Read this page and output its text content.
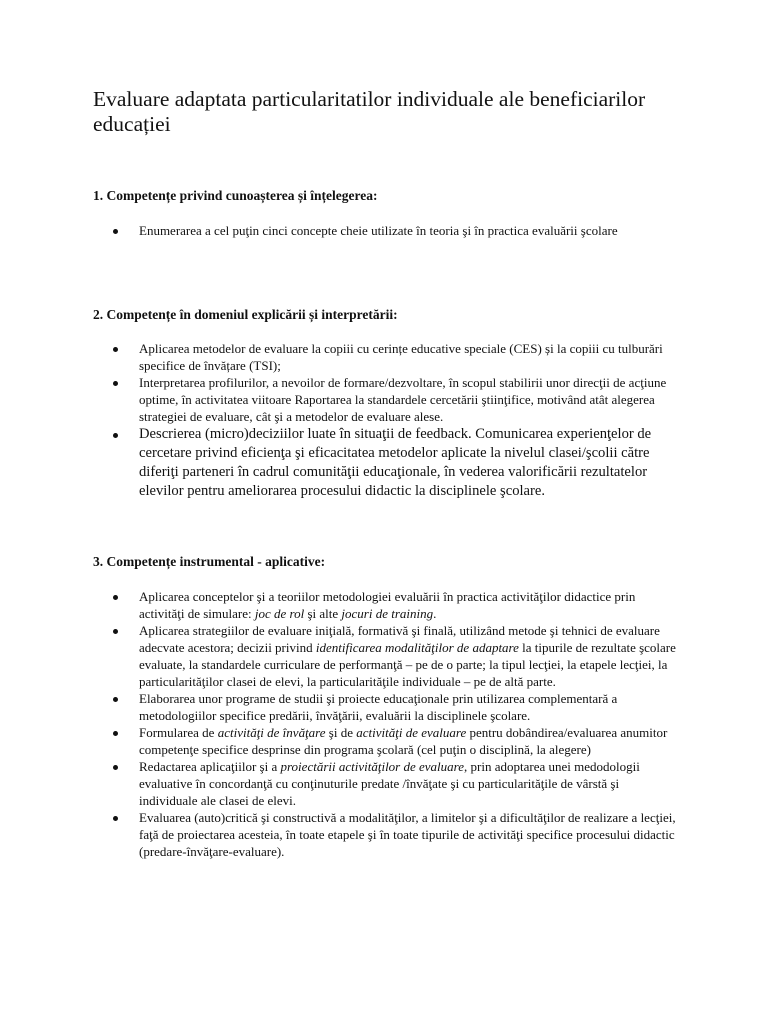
Evaluare adaptata particularitatilor individuale ale beneficiarilor educației
1. Competențe privind cunoașterea și înțelegerea:
Enumerarea a cel puţin cinci concepte cheie utilizate în teoria şi în practica evaluării şcolare
2. Competențe în domeniul explicării și interpretării:
Aplicarea metodelor de evaluare la copiii cu cerințe educative speciale (CES) și la copiii cu tulburări specifice de învățare (TSI);
Interpretarea profilurilor, a nevoilor de formare/dezvoltare, în scopul stabilirii unor direcţii de acţiune optime, în activitatea viitoare Raportarea la standardele cercetării ştiinţifice, motivând atât alegerea strategiei de evaluare, cât şi a metodelor de evaluare alese.
Descrierea (micro)deciziilor luate în situaţii de feedback. Comunicarea experienţelor de cercetare privind eficienţa şi eficacitatea metodelor aplicate la nivelul clasei/şcolii către diferiţi parteneri în cadrul comunităţii educaţionale, în vederea valorificării rezultatelor elevilor pentru ameliorarea procesului didactic la disciplinele şcolare.
3. Competențe instrumental - aplicative:
Aplicarea conceptelor şi a teoriilor metodologiei evaluării în practica activităţilor didactice prin activităţi de simulare: joc de rol şi alte jocuri de training.
Aplicarea strategiilor de evaluare iniţială, formativă şi finală, utilizând metode şi tehnici de evaluare adecvate acestora; decizii privind identificarea modalităţilor de adaptare la tipurile de rezultate şcolare evaluate, la standardele curriculare de performanţă – pe de o parte; la tipul lecţiei, la etapele lecţiei, la particularităţilor clasei de elevi, la particularităţile individuale – pe de altă parte.
Elaborarea unor programe de studii şi proiecte educaţionale prin utilizarea complementară a metodologiilor specifice predării, învăţării, evaluării la disciplinele şcolare.
Formularea de activităţi de învăţare şi de activităţi de evaluare pentru dobândirea/evaluarea anumitor competenţe specifice desprinse din programa şcolară (cel puţin o disciplină, la alegere)
Redactarea aplicaţiilor şi a proiectării activităţilor de evaluare, prin adoptarea unei medodologii evaluative în concordanţă cu conţinuturile predate /învăţate şi cu particularităţile de vârstă şi individuale ale clasei de elevi.
Evaluarea (auto)critică şi constructivă a modalităţilor, a limitelor şi a dificultăţilor de realizare a lecţiei, faţă de proiectarea acesteia, în toate etapele şi în toate tipurile de activităţi specifice procesului didactic (predare-învăţare-evaluare).
